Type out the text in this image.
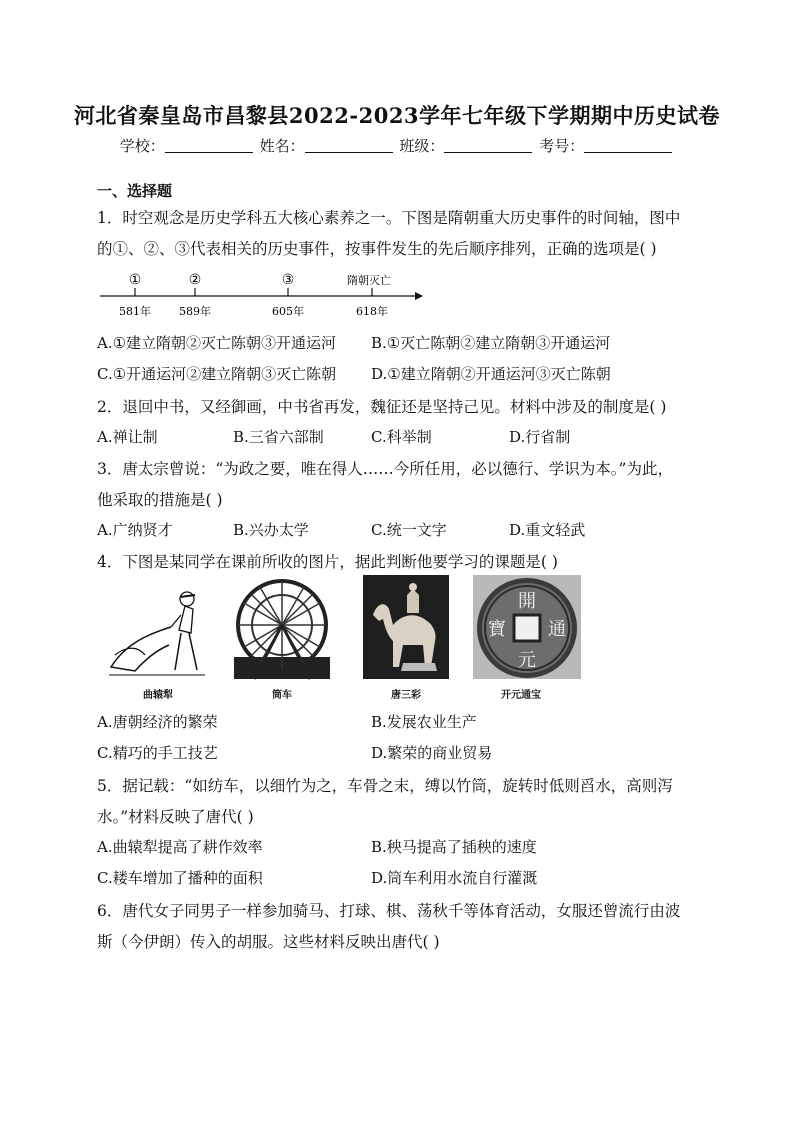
河北省秦皇岛市昌黎县2022-2023学年七年级下学期期中历史试卷
学校：	姓名：	班级：	考号：
一、选择题
1．时空观念是历史学科五大核心素养之一。下图是隋朝重大历史事件的时间轴，图中
的①、②、③代表相关的历史事件，按事件发生的先后顺序排列，正确的选项是( )
①	②	③	隋朝灭亡
581年	589年	605年	618年
A.①建立隋朝②灭亡陈朝③开通运河 B.①灭亡陈朝②建立隋朝③开通运河
C.①开通运河②建立隋朝③灭亡陈朝 D.①建立隋朝②开通运河③灭亡陈朝
2．退回中书，又经御画，中书省再发，魏征还是坚持己见。材料中涉及的制度是( )
A.禅让制	B.三省六部制	C.科举制	D.行省制
3．唐太宗曾说：“为政之要，唯在得人……今所任用，必以德行、学识为本。”为此，
他采取的措施是( )
A.广纳贤才	B.兴办太学	C.统一文字	D.重文轻武
4．下图是某同学在课前所收的图片，据此判断他要学习的课题是( )
曲辕犁	筒车	唐三彩
開
元
通
寶
开元通宝
A.唐朝经济的繁荣	B.发展农业生产
C.精巧的手工技艺	D.繁荣的商业贸易
5．据记载：“如纺车，以细竹为之，车骨之末，缚以竹筒，旋转时低则舀水，高则泻
水。”材料反映了唐代( )
A.曲辕犁提高了耕作效率	B.秧马提高了插秧的速度
C.耧车增加了播种的面积	D.筒车利用水流自行灌溉
6．唐代女子同男子一样参加骑马、打球、棋、荡秋千等体育活动，女服还曾流行由波
斯（今伊朗）传入的胡服。这些材料反映出唐代( )
